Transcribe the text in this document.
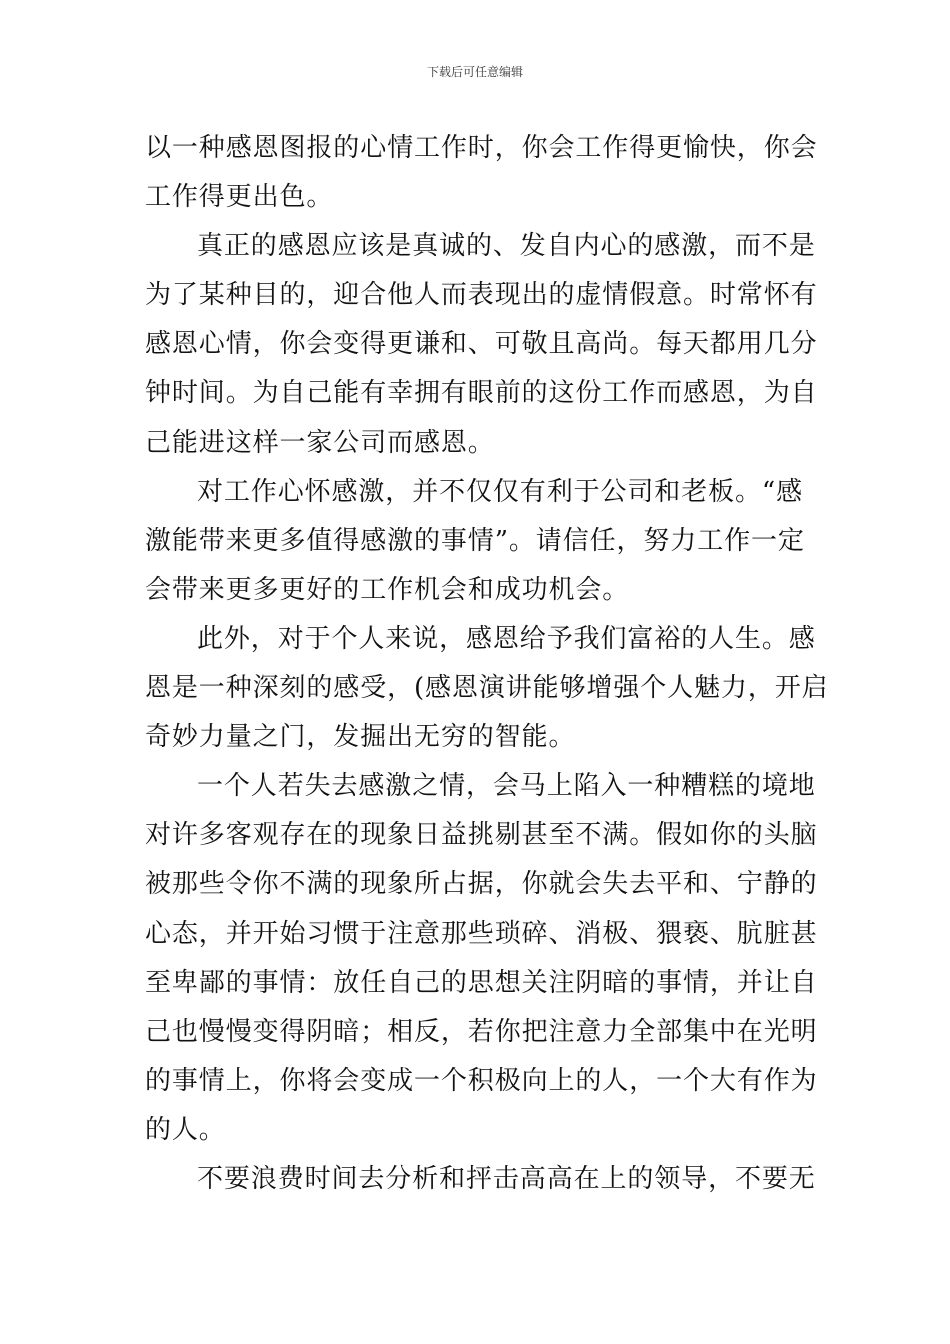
下载后可任意编辑
以一种感恩图报的心情工作时，你会工作得更愉快，你会
工作得更出色。
真正的感恩应该是真诚的、发自内心的感激，而不是
为了某种目的，迎合他人而表现出的虚情假意。时常怀有
感恩心情，你会变得更谦和、可敬且高尚。每天都用几分
钟时间。为自己能有幸拥有眼前的这份工作而感恩，为自
己能进这样一家公司而感恩。
对工作心怀感激，并不仅仅有利于公司和老板。“感
激能带来更多值得感激的事情”。请信任，努力工作一定
会带来更多更好的工作机会和成功机会。
此外，对于个人来说，感恩给予我们富裕的人生。感
恩是一种深刻的感受，(感恩演讲能够增强个人魅力，开启
奇妙力量之门，发掘出无穷的智能。
一个人若失去感激之情，会马上陷入一种糟糕的境地
对许多客观存在的现象日益挑剔甚至不满。假如你的头脑
被那些令你不满的现象所占据，你就会失去平和、宁静的
心态，并开始习惯于注意那些琐碎、消极、猥亵、肮脏甚
至卑鄙的事情：放任自己的思想关注阴暗的事情，并让自
己也慢慢变得阴暗；相反，若你把注意力全部集中在光明
的事情上，你将会变成一个积极向上的人，一个大有作为
的人。
不要浪费时间去分析和抨击高高在上的领导，不要无
